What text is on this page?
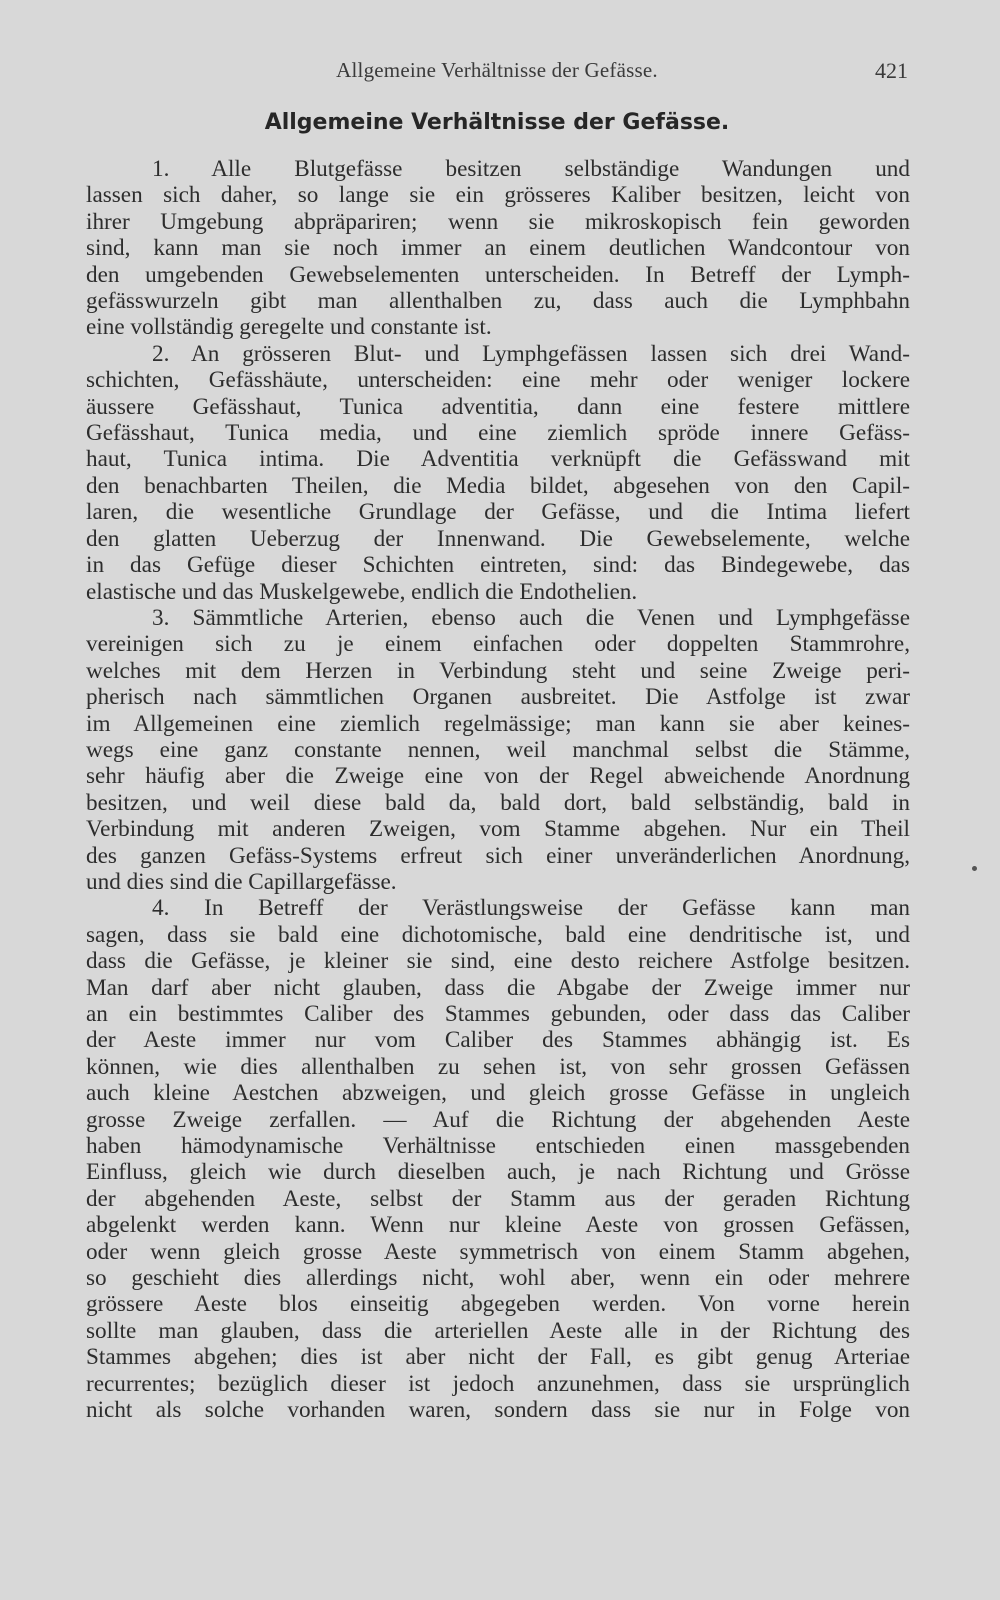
Allgemeine Verhältnisse der Gefässe.	421
Allgemeine Verhältnisse der Gefässe.
1. Alle Blutgefässe besitzen selbständige Wandungen und
lassen sich daher, so lange sie ein grösseres Kaliber besitzen, leicht von
ihrer Umgebung abpräpariren; wenn sie mikroskopisch fein geworden
sind, kann man sie noch immer an einem deutlichen Wandcontour von
den umgebenden Gewebselementen unterscheiden. In Betreff der Lymph-
gefässwurzeln gibt man allenthalben zu, dass auch die Lymphbahn
eine vollständig geregelte und constante ist.
2. An grösseren Blut- und Lymphgefässen lassen sich drei Wand-
schichten, Gefässhäute, unterscheiden: eine mehr oder weniger lockere
äussere Gefässhaut, Tunica adventitia, dann eine festere mittlere
Gefässhaut, Tunica media, und eine ziemlich spröde innere Gefäss-
haut, Tunica intima. Die Adventitia verknüpft die Gefässwand mit
den benachbarten Theilen, die Media bildet, abgesehen von den Capil-
laren, die wesentliche Grundlage der Gefässe, und die Intima liefert
den glatten Ueberzug der Innenwand. Die Gewebselemente, welche
in das Gefüge dieser Schichten eintreten, sind: das Bindegewebe, das
elastische und das Muskelgewebe, endlich die Endothelien.
3. Sämmtliche Arterien, ebenso auch die Venen und Lymphgefässe
vereinigen sich zu je einem einfachen oder doppelten Stammrohre,
welches mit dem Herzen in Verbindung steht und seine Zweige peri-
pherisch nach sämmtlichen Organen ausbreitet. Die Astfolge ist zwar
im Allgemeinen eine ziemlich regelmässige; man kann sie aber keines-
wegs eine ganz constante nennen, weil manchmal selbst die Stämme,
sehr häufig aber die Zweige eine von der Regel abweichende Anordnung
besitzen, und weil diese bald da, bald dort, bald selbständig, bald in
Verbindung mit anderen Zweigen, vom Stamme abgehen. Nur ein Theil
des ganzen Gefäss-Systems erfreut sich einer unveränderlichen Anordnung,
und dies sind die Capillargefässe.
4. In Betreff der Verästlungsweise der Gefässe kann man
sagen, dass sie bald eine dichotomische, bald eine dendritische ist, und
dass die Gefässe, je kleiner sie sind, eine desto reichere Astfolge besitzen.
Man darf aber nicht glauben, dass die Abgabe der Zweige immer nur
an ein bestimmtes Caliber des Stammes gebunden, oder dass das Caliber
der Aeste immer nur vom Caliber des Stammes abhängig ist. Es
können, wie dies allenthalben zu sehen ist, von sehr grossen Gefässen
auch kleine Aestchen abzweigen, und gleich grosse Gefässe in ungleich
grosse Zweige zerfallen. — Auf die Richtung der abgehenden Aeste
haben hämodynamische Verhältnisse entschieden einen massgebenden
Einfluss, gleich wie durch dieselben auch, je nach Richtung und Grösse
der abgehenden Aeste, selbst der Stamm aus der geraden Richtung
abgelenkt werden kann. Wenn nur kleine Aeste von grossen Gefässen,
oder wenn gleich grosse Aeste symmetrisch von einem Stamm abgehen,
so geschieht dies allerdings nicht, wohl aber, wenn ein oder mehrere
grössere Aeste blos einseitig abgegeben werden. Von vorne herein
sollte man glauben, dass die arteriellen Aeste alle in der Richtung des
Stammes abgehen; dies ist aber nicht der Fall, es gibt genug Arteriae
recurrentes; bezüglich dieser ist jedoch anzunehmen, dass sie ursprünglich
nicht als solche vorhanden waren, sondern dass sie nur in Folge von
